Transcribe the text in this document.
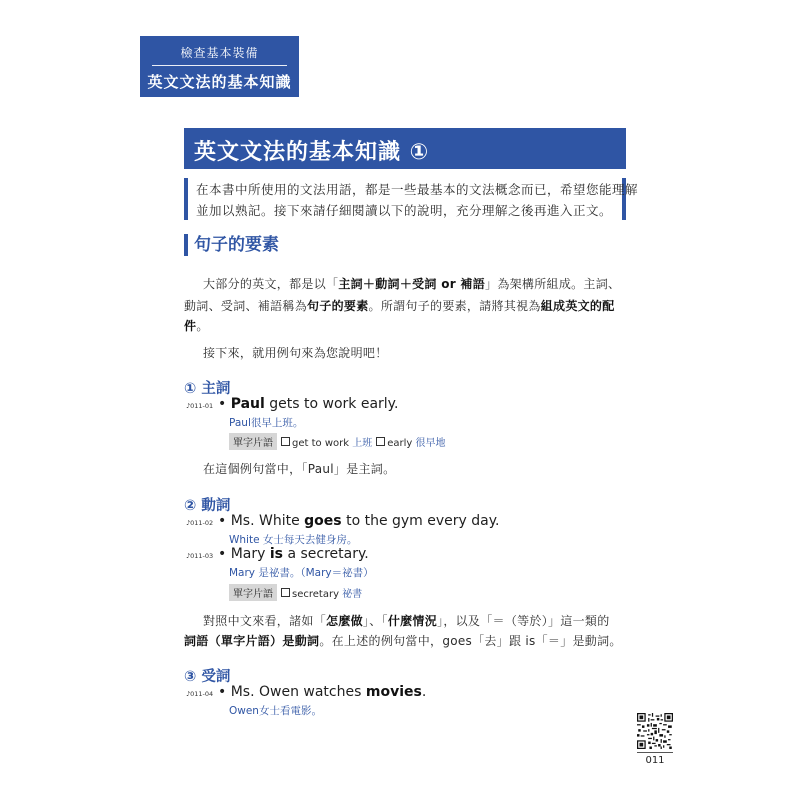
檢查基本裝備
英文文法的基本知識
英文文法的基本知識 ①

在本書中所使用的文法用語，都是一些最基本的文法概念而已，希望您能理解

並加以熟記。接下來請仔細閱讀以下的說明，充分理解之後再進入正文。

句子的要素
大部分的英文，都是以「主詞＋動詞＋受詞 or 補語」為架構所組成。主詞、
動詞、受詞、補語稱為句子的要素。所謂句子的要素，請將其視為組成英文的配
件。
接下來，就用例句來為您說明吧！
① 主詞
♪011-01 • Paul gets to work early.
Paul很早上班。
單字片語	get to work 上班	early 很早地
在這個例句當中，「Paul」是主詞。
② 動詞
♪011-02 • Ms. White goes to the gym every day.
White 女士每天去健身房。
♪011-03 • Mary is a secretary.
Mary 是祕書。（Mary＝祕書）
單字片語	secretary 祕書
對照中文來看，諸如「怎麼做」、「什麼情況」，以及「＝（等於）」這一類的
詞語（單字片語）是動詞。在上述的例句當中，goes「去」跟 is「＝」是動詞。
③ 受詞
♪011-04 • Ms. Owen watches movies.
Owen女士看電影。
011
